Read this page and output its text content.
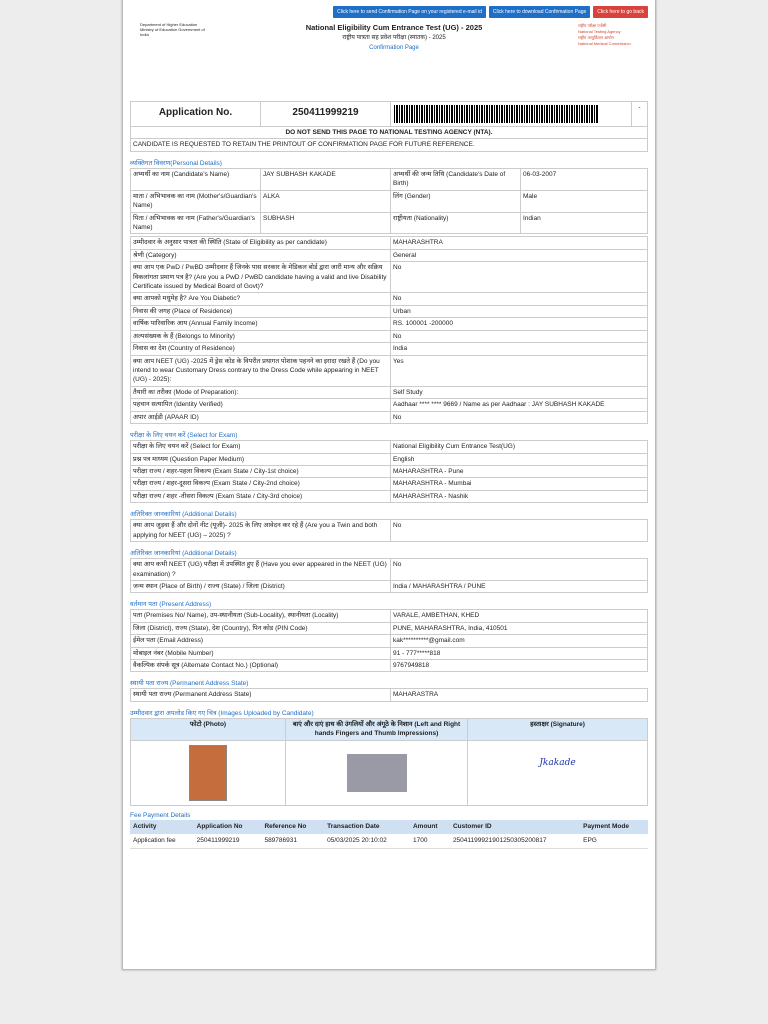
Click here to send Confirmation Page on your registered e-mail id	Click here to download Confirmation Page	Click here to go back
Department of Higher Education Ministry of Education Government of India
National Eligibility Cum Entrance Test (UG) - 2025
राष्ट्रीय पात्रता सह प्रवेश परीक्षा (स्नातक) - 2025
Confirmation Page
राष्ट्रीय परीक्षा एजेंसी
National Testing Agency
राष्ट्रीय आयुर्विज्ञान आयोग
National Medical Commission
Application No.	250411999219		-
DO NOT SEND THIS PAGE TO NATIONAL TESTING AGENCY (NTA).
CANDIDATE IS REQUESTED TO RETAIN THE PRINTOUT OF CONFIRMATION PAGE FOR FUTURE REFERENCE.
व्यक्तिगत विवरण(Personal Details)
अभ्यर्थी का नाम (Candidate's Name)	JAY SUBHASH KAKADE	अभ्यर्थी की जन्म तिथि (Candidate's Date of Birth)	06-03-2007
माता / अभिभावक का नाम (Mother's/Guardian's Name)	ALKA	लिंग (Gender)	Male
पिता / अभिभावक का नाम (Father's/Guardian's Name)	SUBHASH	राष्ट्रीयता (Nationality)	Indian
उम्मीदवार के अनुसार पात्रता की स्थिति (State of Eligibility as per candidate)	MAHARASHTRA
श्रेणी (Category)	General
क्या आप एक PwD / PwBD उम्मीदवार हैं जिनके पास सरकार के मेडिकल बोर्ड द्वारा जारी मान्य और सक्रिय विकलांगता प्रमाण पत्र है? (Are you a PwD / PwBD candidate having a valid and live Disability Certificate issued by Medical Board of Govt)?	No
क्या आपको मधुमेह है? Are You Diabetic?	No
निवास की जगह (Place of Residence)	Urban
वार्षिक पारिवारिक आय (Annual Family Income)	RS. 100001 -200000
अल्पसंख्यक के हैं (Belongs to Minority)	No
निवास का देश (Country of Residence)	India
क्या आप NEET (UG) -2025 में ड्रेस कोड के विपरीत प्रथागत पोशाक पहनने का इरादा रखते हैं (Do you intend to wear Customary Dress contrary to the Dress Code while appearing in NEET (UG) - 2025):	Yes
तैयारी का तरीका (Mode of Preparation):	Self Study
पहचान सत्यापित (Identity Verified)	Aadhaar **** **** 9669 / Name as per Aadhaar : JAY SUBHASH KAKADE
अपार आईडी (APAAR ID)	No
परीक्षा के लिए चयन करें (Select for Exam)
परीक्षा के लिए चयन करें (Select for Exam)	National Eligibility Cum Entrance Test(UG)
प्रश्न पत्र माध्यम (Question Paper Medium)	English
परीक्षा राज्य / शहर-पहला विकल्प (Exam State / City-1st choice)	MAHARASHTRA - Pune
परीक्षा राज्य / शहर-दूसरा विकल्प (Exam State / City-2nd choice)	MAHARASHTRA - Mumbai
परीक्षा राज्य / शहर -तीसरा विकल्प (Exam State / City-3rd choice)	MAHARASHTRA - Nashik
अतिरिक्त जानकारियां (Additional Details)
क्या आप जुड़वा हैं और दोनों नीट (यूजी)- 2025 के लिए आवेदन कर रहे हैं (Are you a Twin and both applying for NEET (UG) – 2025) ?	No
अतिरिक्त जानकारियां (Additional Details)
क्या आप कभी NEET (UG) परीक्षा में उपस्थित हुए हैं (Have you ever appeared in the NEET (UG) examination) ?	No
जन्म स्थान (Place of Birth) / राज्य (State) / जिला (District)	India / MAHARASHTRA / PUNE
वर्तमान पता (Present Address)
पता (Premises No/ Name), उप-स्थानीयता (Sub-Locality), स्थानीयता (Locality)	VARALE, AMBETHAN, KHED
जिला (District), राज्य (State), देश (Country), पिन कोड (PIN Code)	PUNE, MAHARASHTRA, India, 410501
ईमेल पता (Email Address)	kak**********@gmail.com
मोबाइल नंबर (Mobile Number)	91 - 777*****818
वैकल्पिक संपर्क सूत्र (Alternate Contact No.) (Optional)	9767949818
स्थायी पता राज्य (Permanent Address State)
स्थायी पता राज्य (Permanent Address State)	MAHARASTRA
उम्मीदवार द्वारा अपलोड किए गए चित्र (Images Uploaded by Candidate)
फोटो (Photo)	बाएं और दाएं हाथ की उंगलियों और अंगूठे के निशान (Left and Right hands Fingers and Thumb Impressions)	हस्ताक्षर (Signature)

		Jkakade
Fee Payment Details
Activity	Application No	Reference No	Transaction Date	Amount	Customer ID	Payment Mode
Application fee	250411999219	589786931	05/03/2025 20:10:02	1700	25041199921901250305200817	EPG
